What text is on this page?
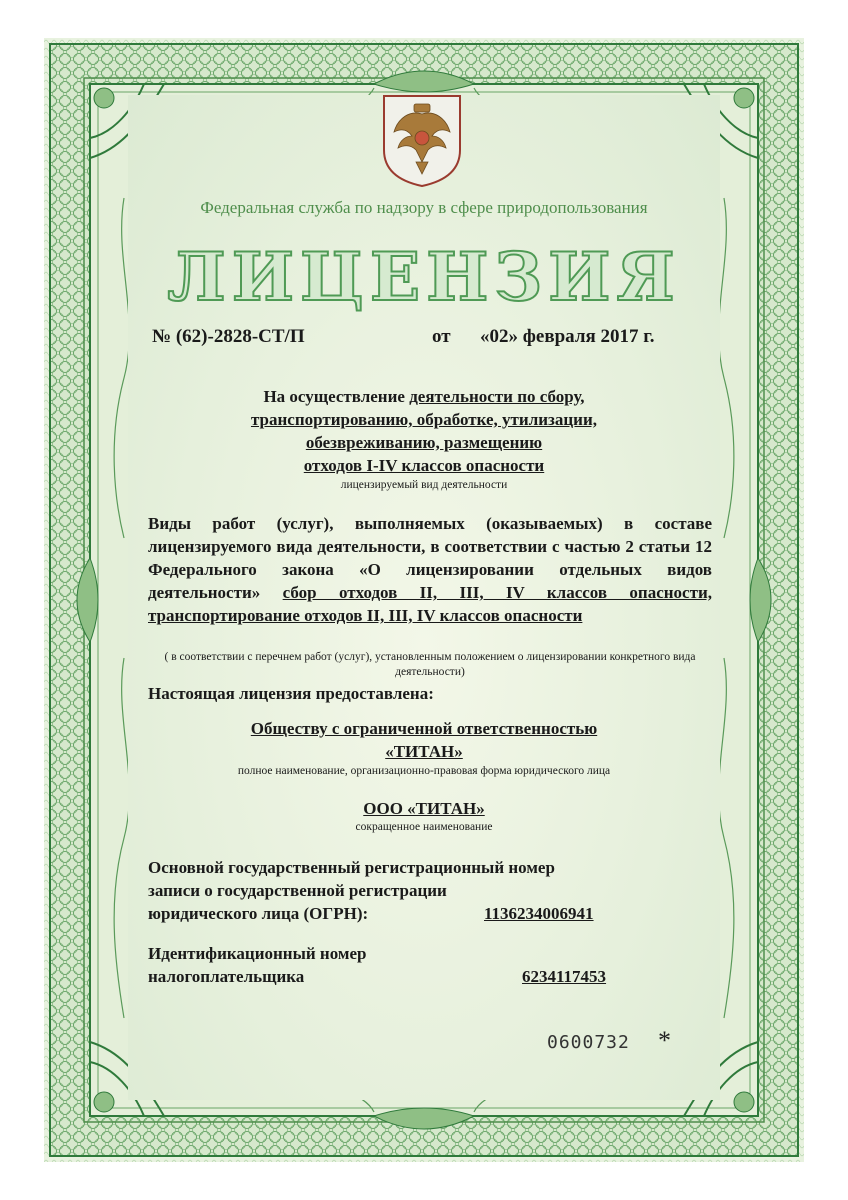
Федеральная служба по надзору в сфере природопользования
ЛИЦЕНЗИЯ
№ (62)-2828-СТ/П	от «02» февраля 2017 г.
На осуществление деятельности по сбору,
транспортированию, обработке, утилизации,
обезвреживанию, размещению
отходов I-IV классов опасности
лицензируемый вид деятельности
Виды работ (услуг), выполняемых (оказываемых) в составе лицензируемого вида деятельности, в соответствии с частью 2 статьи 12 Федерального закона «О лицензировании отдельных видов деятельности» сбор отходов II, III, IV классов опасности, транспортирование отходов II, III, IV классов опасности
( в соответствии с перечнем работ (услуг), установленным положением о лицензировании конкретного вида деятельности)
Настоящая лицензия предоставлена:
Обществу с ограниченной ответственностью
«ТИТАН»
полное наименование, организационно-правовая форма юридического лица
ООО «ТИТАН»
сокращенное наименование
Основной государственный регистрационный номер
записи о государственной регистрации
юридического лица (ОГРН):	1136234006941
Идентификационный номер
налогоплательщика	6234117453
0600732 *
